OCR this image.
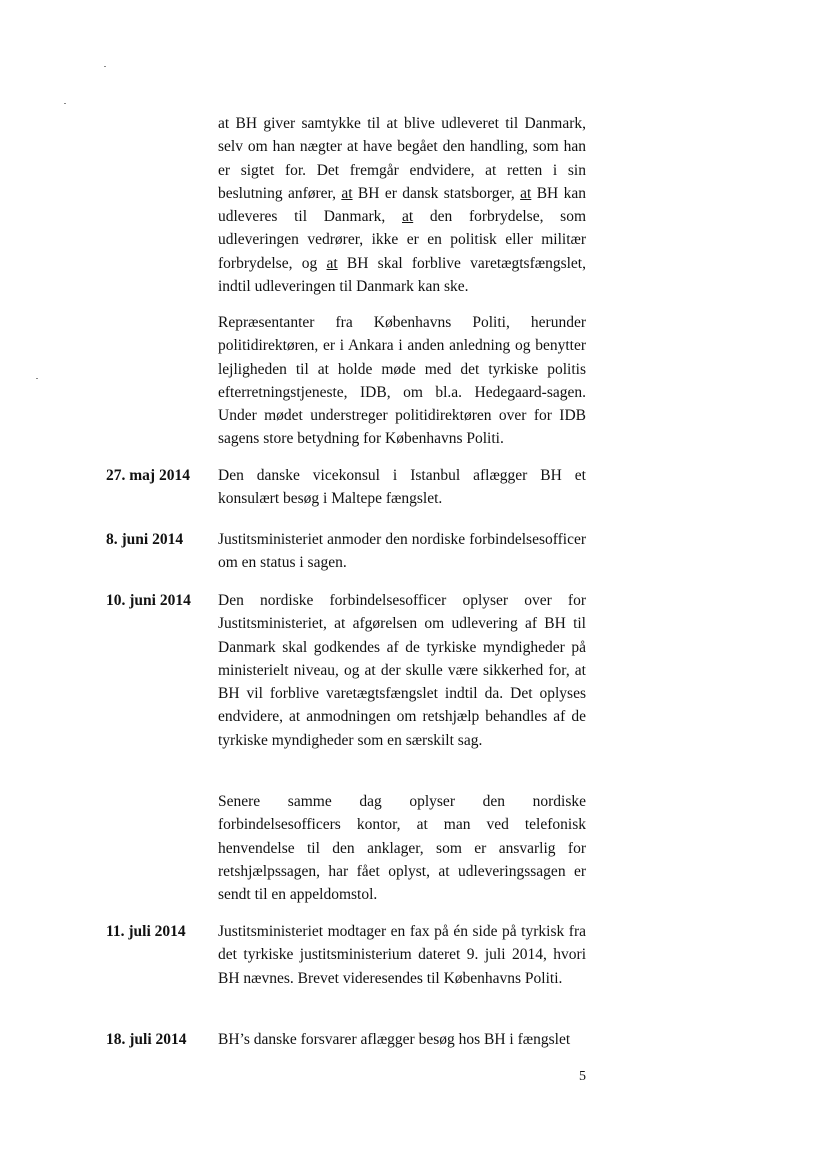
at BH giver samtykke til at blive udleveret til Danmark, selv om han nægter at have begået den handling, som han er sigtet for. Det fremgår endvidere, at retten i sin beslutning anfører, at BH er dansk statsborger, at BH kan udleveres til Danmark, at den forbrydelse, som udleveringen vedrører, ikke er en politisk eller militær forbrydelse, og at BH skal forblive varetægtsfængslet, indtil udleveringen til Danmark kan ske.

Repræsentanter fra Københavns Politi, herunder politidirektøren, er i Ankara i anden anledning og benytter lejligheden til at holde møde med det tyrkiske politis efterretningstjeneste, IDB, om bl.a. Hedegaard-sagen. Under mødet understreger politidirektøren over for IDB sagens store betydning for Københavns Politi.

27. maj 2014	Den danske vicekonsul i Istanbul aflægger BH et konsulært besøg i Maltepe fængslet.

8. juni 2014	Justitsministeriet anmoder den nordiske forbindelsesofficer om en status i sagen.

10. juni 2014	Den nordiske forbindelsesofficer oplyser over for Justitsministeriet, at afgørelsen om udlevering af BH til Danmark skal godkendes af de tyrkiske myndigheder på ministerielt niveau, og at der skulle være sikkerhed for, at BH vil forblive varetægtsfængslet indtil da. Det oplyses endvidere, at anmodningen om retshjælp behandles af de tyrkiske myndigheder som en særskilt sag.

Senere samme dag oplyser den nordiske forbindelsesofficers kontor, at man ved telefonisk henvendelse til den anklager, som er ansvarlig for retshjælpssagen, har fået oplyst, at udleveringssagen er sendt til en appeldomstol.

11. juli 2014	Justitsministeriet modtager en fax på én side på tyrkisk fra det tyrkiske justitsministerium dateret 9. juli 2014, hvori BH nævnes. Brevet videresendes til Københavns Politi.

18. juli 2014	BH’s danske forsvarer aflægger besøg hos BH i fængslet

5
